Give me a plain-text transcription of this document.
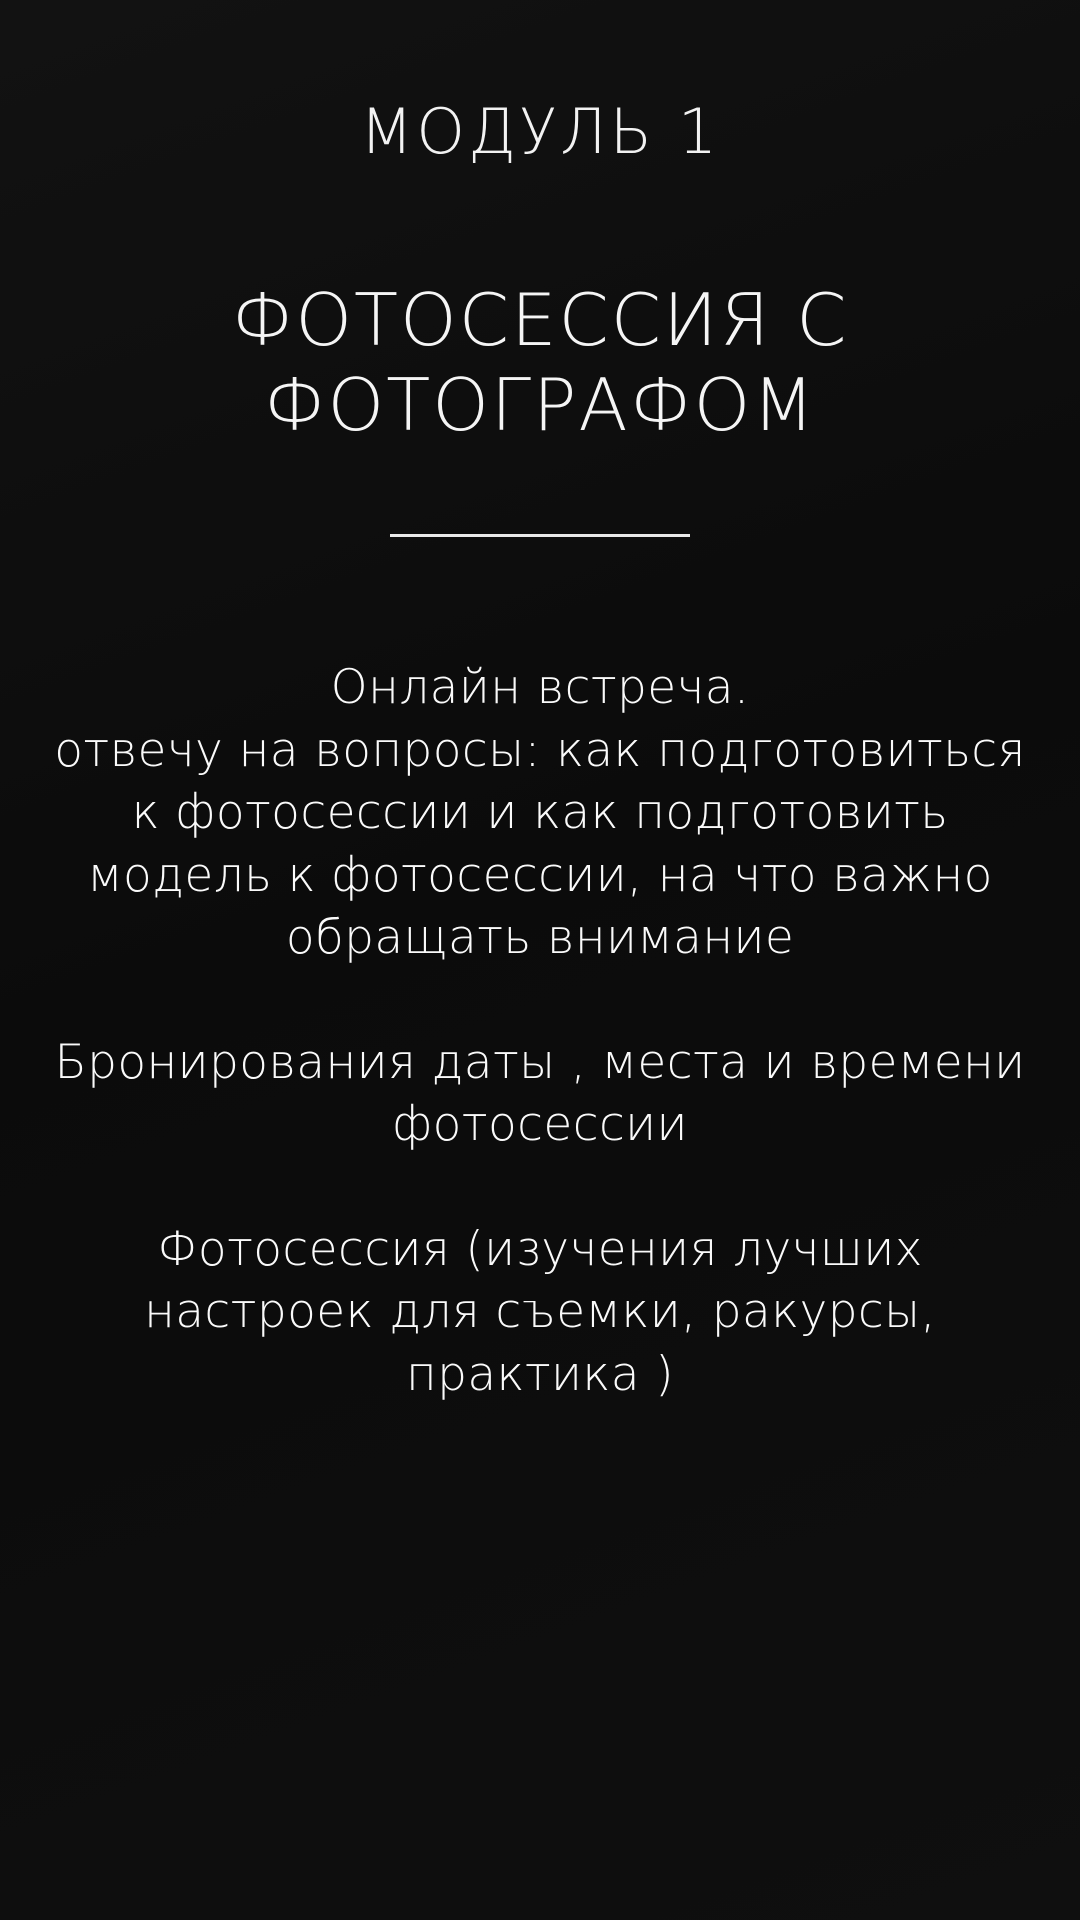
МОДУЛЬ 1
ФОТОСЕССИЯ С ФОТОГРАФОМ
Онлайн встреча.
отвечу на вопросы: как подготовиться к фотосессии и как подготовить модель к фотосессии, на что важно обращать внимание
Бронирования даты , места и времени фотосессии
Фотосессия (изучения лучших настроек для съемки, ракурсы, практика )
